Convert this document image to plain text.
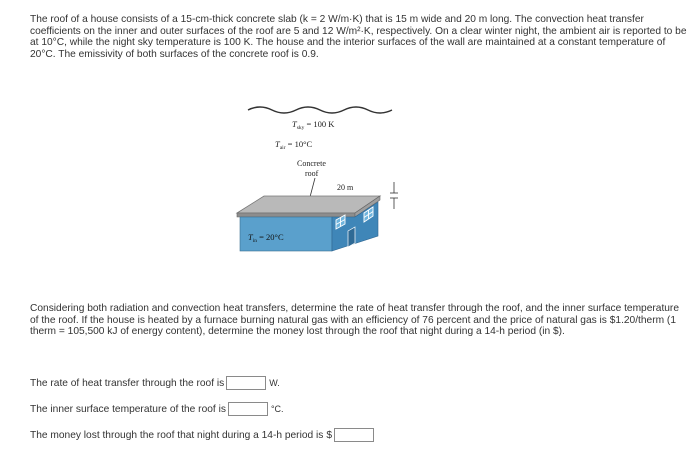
The roof of a house consists of a 15-cm-thick concrete slab (k = 2 W/m·K) that is 15 m wide and 20 m long. The convection heat transfer coefficients on the inner and outer surfaces of the roof are 5 and 12 W/m²·K, respectively. On a clear winter night, the ambient air is reported to be at 10°C, while the night sky temperature is 100 K. The house and the interior surfaces of the wall are maintained at a constant temperature of 20°C. The emissivity of both surfaces of the concrete roof is 0.9.
$T_{sky} = 100$ K
$T_{air} = 10^\circ C$
Concrete
roof
20 m
$T_{in} = 20^\circ C$
Considering both radiation and convection heat transfers, determine the rate of heat transfer through the roof, and the inner surface temperature of the roof. If the house is heated by a furnace burning natural gas with an efficiency of 76 percent and the price of natural gas is $1.20/therm (1 therm = 105,500 kJ of energy content), determine the money lost through the roof that night during a 14-h period (in $).
The rate of heat transfer through the roof is	W.
The inner surface temperature of the roof is	°C.
The money lost through the roof that night during a 14-h period is $
